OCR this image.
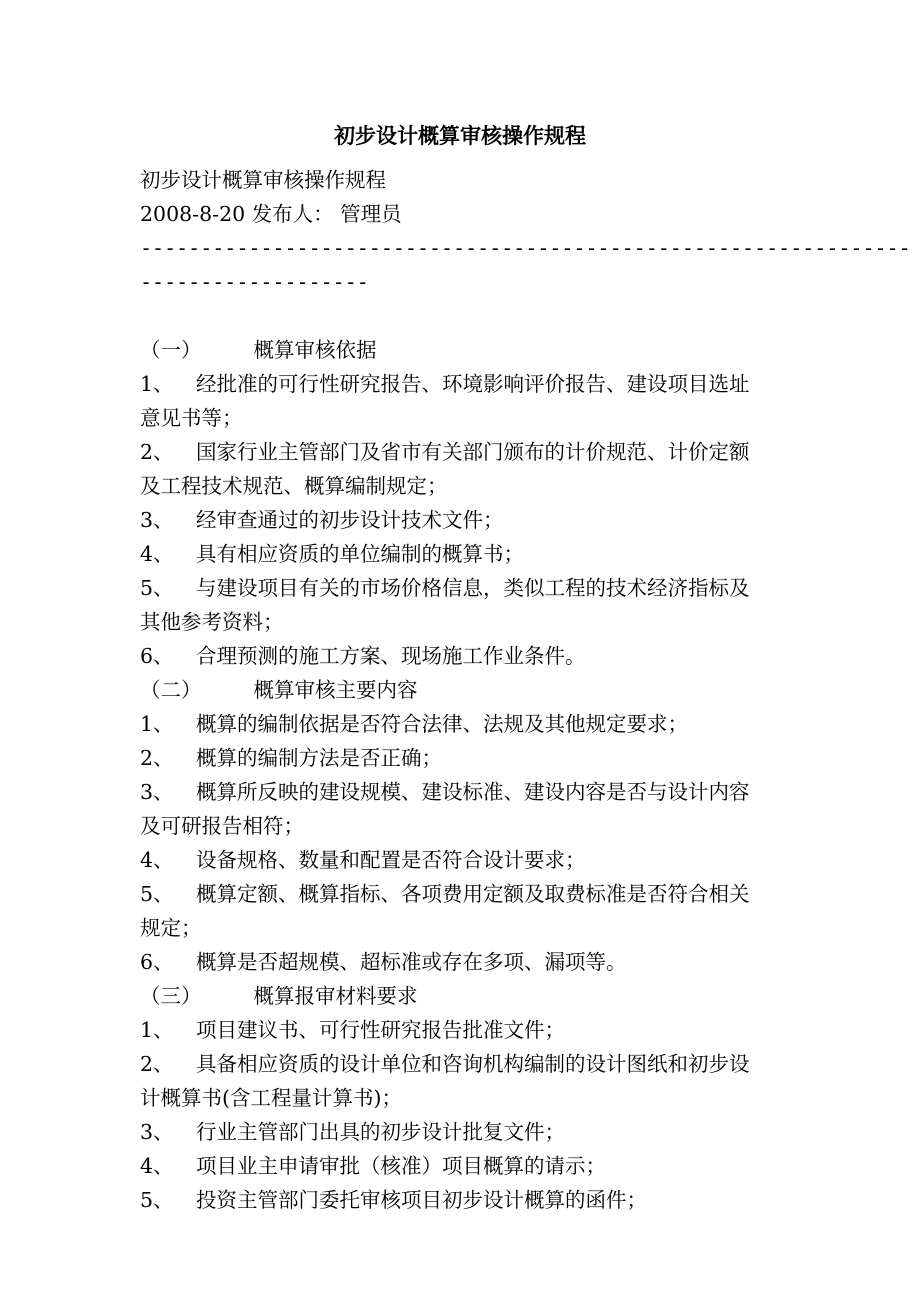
初步设计概算审核操作规程
初步设计概算审核操作规程
2008-8-20 发布人： 管理员
----------------------------------------------------------------
-------------------
（一）	概算审核依据
1、 经批准的可行性研究报告、环境影响评价报告、建设项目选址
意见书等；
2、 国家行业主管部门及省市有关部门颁布的计价规范、计价定额
及工程技术规范、概算编制规定；
3、 经审查通过的初步设计技术文件；
4、 具有相应资质的单位编制的概算书；
5、 与建设项目有关的市场价格信息，类似工程的技术经济指标及
其他参考资料；
6、 合理预测的施工方案、现场施工作业条件。
（二）	概算审核主要内容
1、 概算的编制依据是否符合法律、法规及其他规定要求；
2、 概算的编制方法是否正确；
3、 概算所反映的建设规模、建设标准、建设内容是否与设计内容
及可研报告相符；
4、 设备规格、数量和配置是否符合设计要求；
5、 概算定额、概算指标、各项费用定额及取费标准是否符合相关
规定；
6、 概算是否超规模、超标准或存在多项、漏项等。
（三）	概算报审材料要求
1、 项目建议书、可行性研究报告批准文件；
2、 具备相应资质的设计单位和咨询机构编制的设计图纸和初步设
计概算书(含工程量计算书)；
3、 行业主管部门出具的初步设计批复文件；
4、 项目业主申请审批（核准）项目概算的请示；
5、 投资主管部门委托审核项目初步设计概算的函件；
